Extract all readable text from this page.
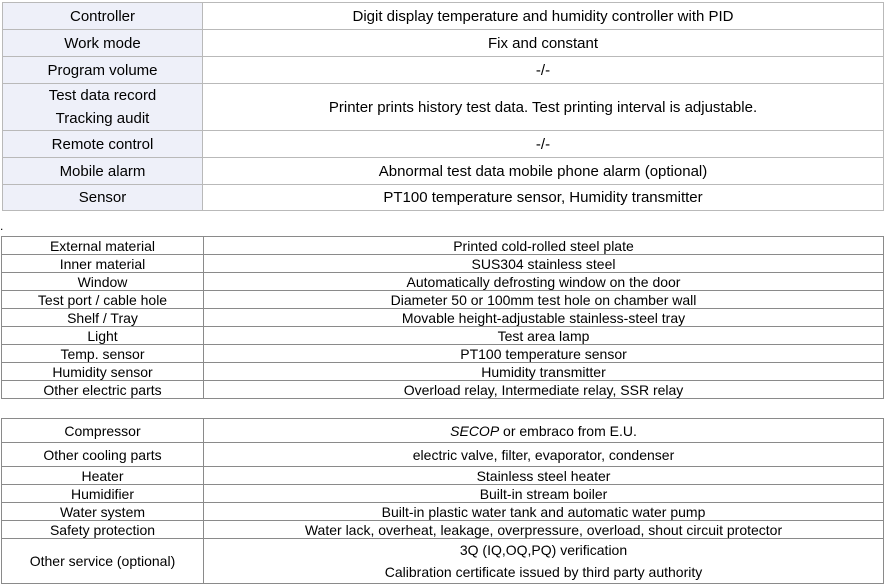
Controller	Digit display temperature and humidity controller with PID
Work mode	Fix and constant
Program volume	-/-

Test data record
Tracking audit	Printer prints history test data. Test printing interval is adjustable.
Remote control	-/-
Mobile alarm	Abnormal test data mobile phone alarm (optional)
Sensor	PT100 temperature sensor, Humidity transmitter
.
External material	Printed cold-rolled steel plate
Inner material	SUS304 stainless steel
Window	Automatically defrosting window on the door
Test port / cable hole	Diameter 50 or 100mm test hole on chamber wall
Shelf / Tray	Movable height-adjustable stainless-steel tray
Light	Test area lamp
Temp. sensor	PT100 temperature sensor
Humidity sensor	Humidity transmitter
Other electric parts	Overload relay, Intermediate relay, SSR relay
Compressor	SECOP or embraco from E.U.
Other cooling parts	electric valve, filter, evaporator, condenser
Heater	Stainless steel heater
Humidifier	Built-in stream boiler
Water system	Built-in plastic water tank and automatic water pump
Safety protection	Water lack, overheat, leakage, overpressure, overload, shout circuit protector
Other service (optional)	3Q (IQ,OQ,PQ) verification
Calibration certificate issued by third party authority
